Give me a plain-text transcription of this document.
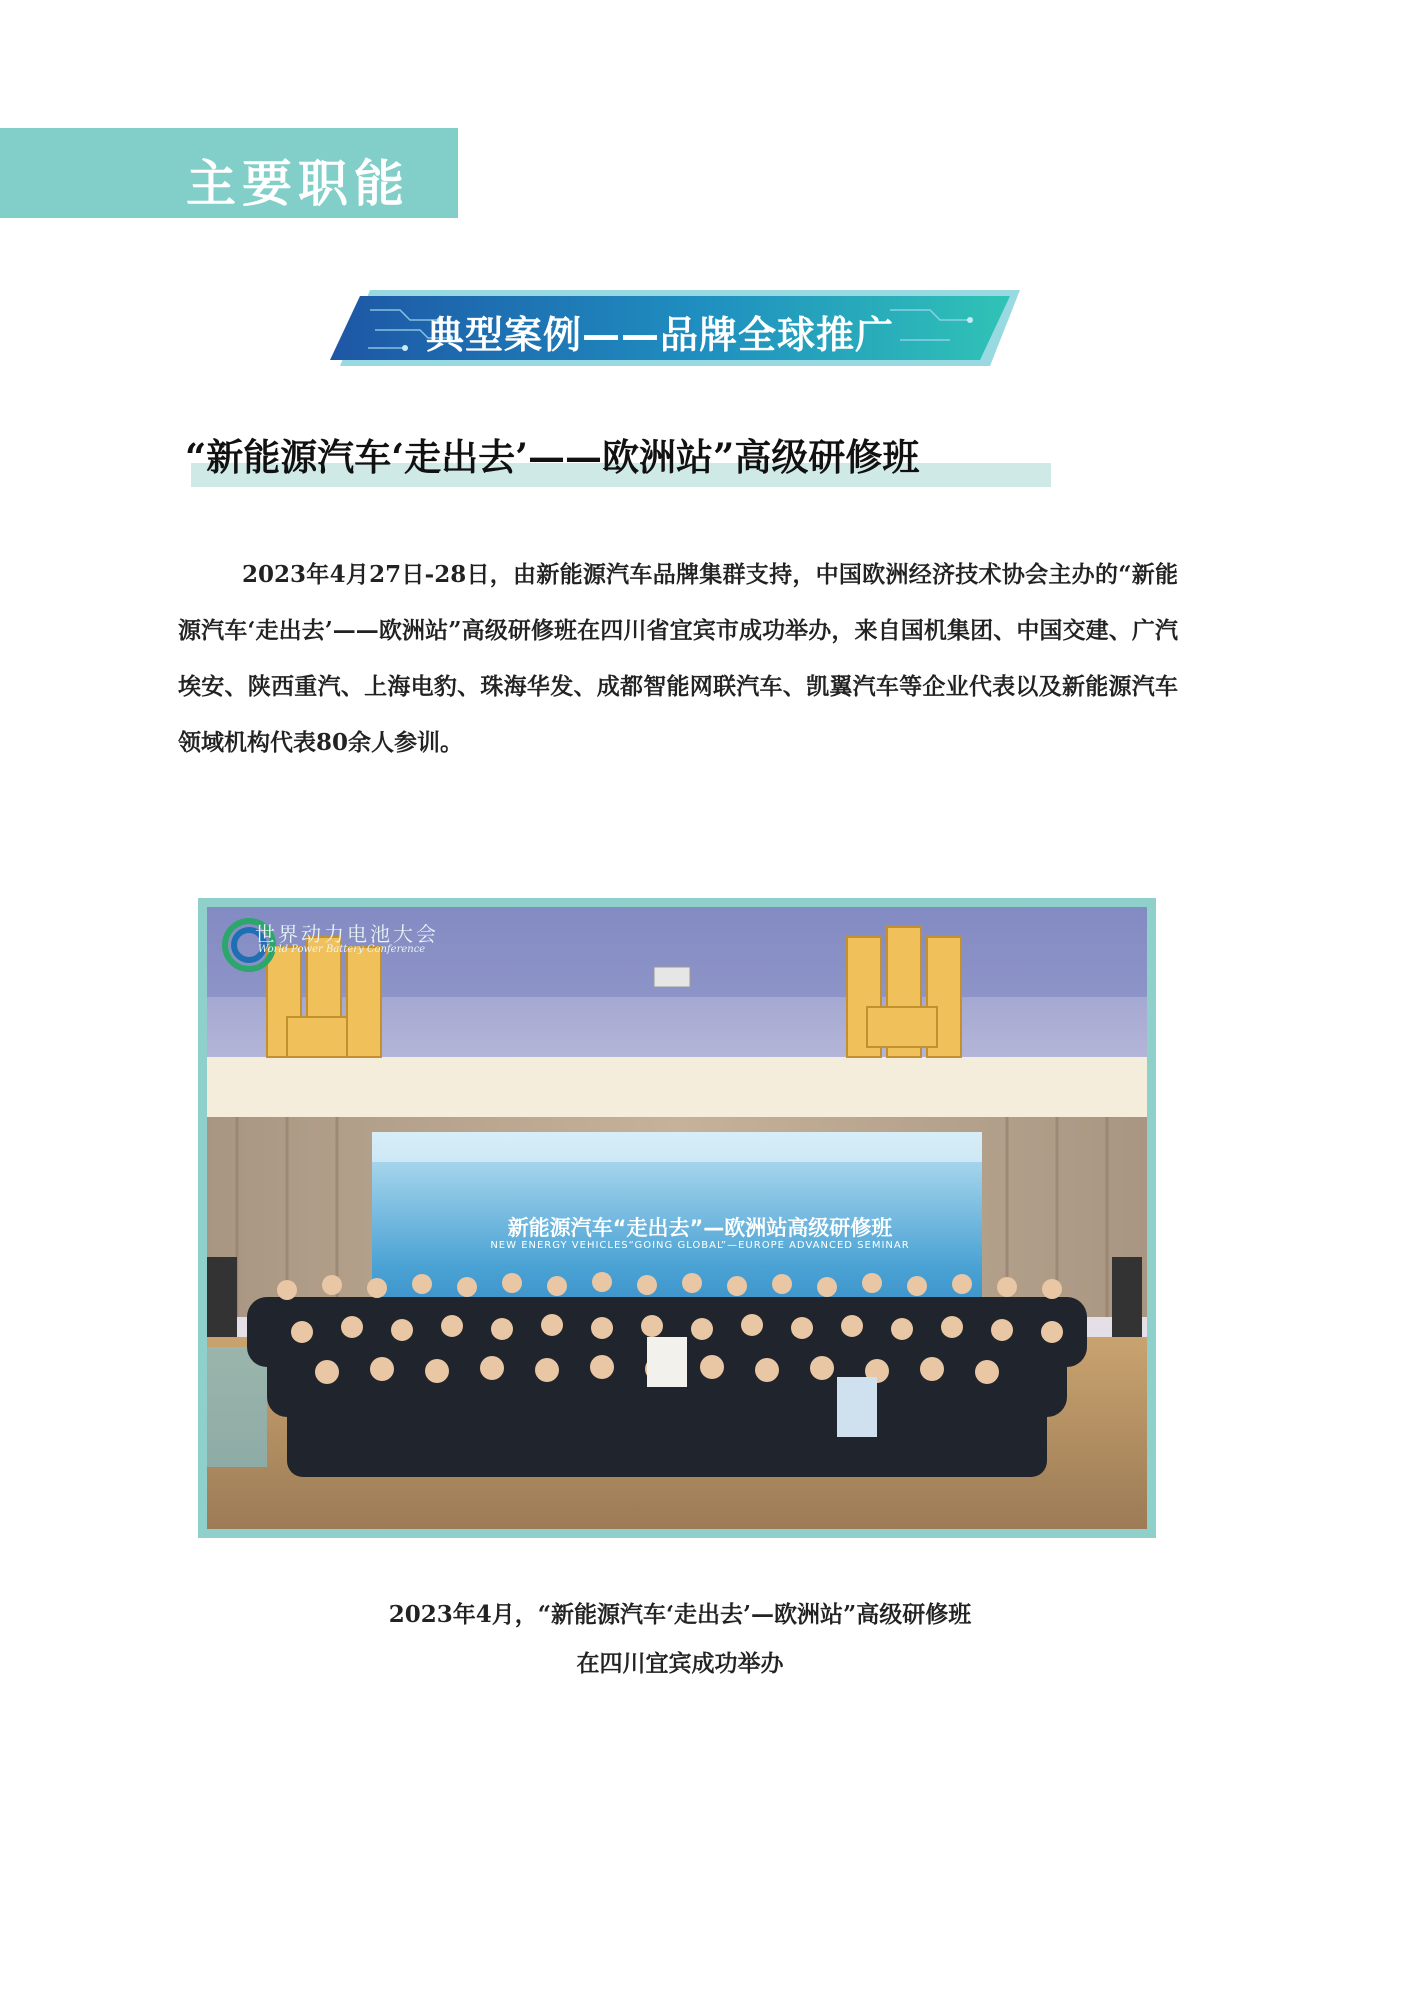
主要职能
典型案例——品牌全球推广
“新能源汽车‘走出去’——欧洲站”高级研修班

2023年4月27日-28日，由新能源汽车品牌集群支持，中国欧洲经济技术协会主办的“新能源汽车‘走出去’——欧洲站”高级研修班在四川省宜宾市成功举办，来自国机集团、中国交建、广汽埃安、陕西重汽、上海电豹、珠海华发、成都智能网联汽车、凯翼汽车等企业代表以及新能源汽车领域机构代表80余人参训。

世界动力电池大会
World Power Battery Conference
新能源汽车“走出去”—欧洲站高级研修班
NEW ENERGY VEHICLES“GOING GLOBAL”—EUROPE ADVANCED SEMINAR
2023年4月，“新能源汽车‘走出去’—欧洲站”高级研修班
在四川宜宾成功举办
